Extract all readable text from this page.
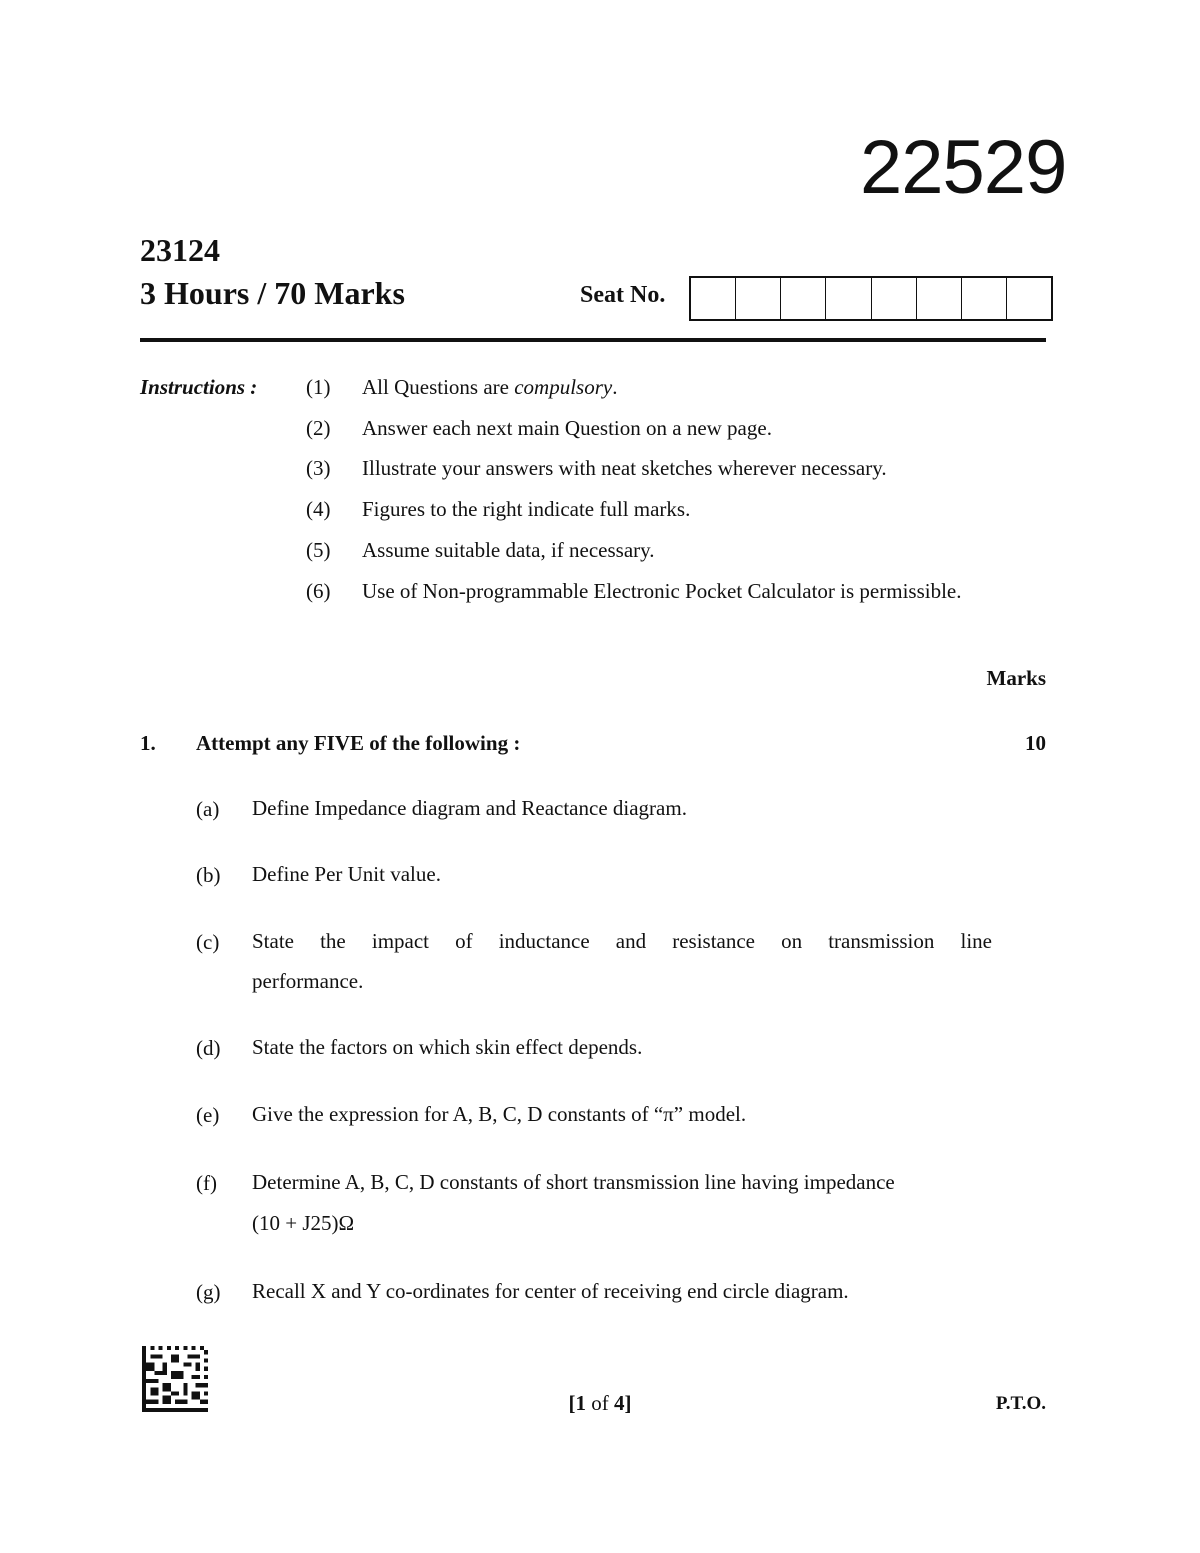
22529
23124
3 Hours / 70 Marks	Seat No.
Instructions : (1) All Questions are compulsory.
(2) Answer each next main Question on a new page.
(3) Illustrate your answers with neat sketches wherever necessary.
(4) Figures to the right indicate full marks.
(5) Assume suitable data, if necessary.
(6) Use of Non-programmable Electronic Pocket Calculator is permissible.
Marks
1. Attempt any FIVE of the following :	10
(a) Define Impedance diagram and Reactance diagram.
(b) Define Per Unit value.
(c) State the impact of inductance and resistance on transmission line
performance.
(d) State the factors on which skin effect depends.
(e) Give the expression for A, B, C, D constants of “π” model.
(f) Determine A, B, C, D constants of short transmission line having impedance
(10 + J25)Ω
(g) Recall X and Y co-ordinates for center of receiving end circle diagram.
[1 of 4]	P.T.O.
